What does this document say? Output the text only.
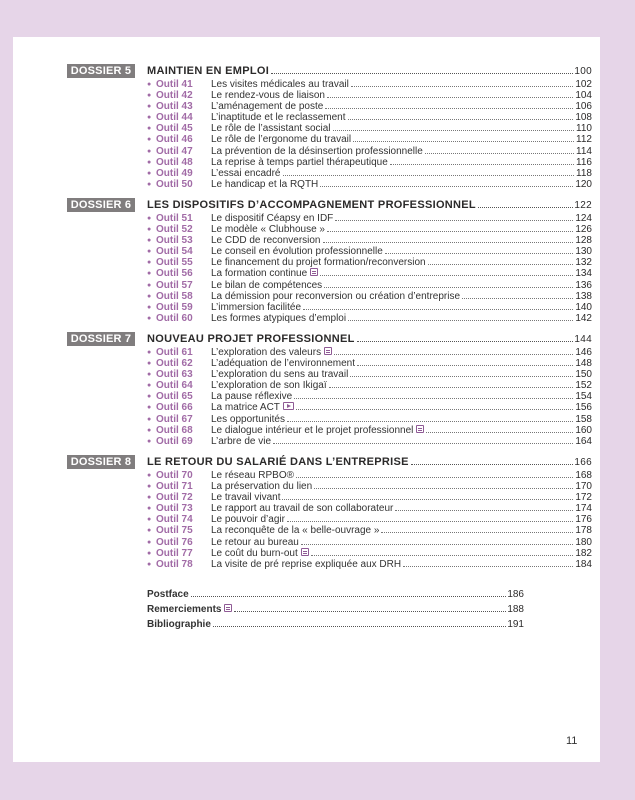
DOSSIER 5	MAINTIEN EN EMPLOI	100
● Outil 41 Les visites médicales au travail	102
● Outil 42 Le rendez-vous de liaison	104
● Outil 43 L’aménagement de poste	106
● Outil 44 L’inaptitude et le reclassement	108
● Outil 45 Le rôle de l’assistant social	110
● Outil 46 Le rôle de l’ergonome du travail	112
● Outil 47 La prévention de la désinsertion professionnelle	114
● Outil 48 La reprise à temps partiel thérapeutique	116
● Outil 49 L’essai encadré	118
● Outil 50 Le handicap et la RQTH	120
DOSSIER 6	LES DISPOSITIFS D’ACCOMPAGNEMENT PROFESSIONNEL	122
● Outil 51 Le dispositif Céapsy en IDF	124
● Outil 52 Le modèle « Clubhouse »	126
● Outil 53 Le CDD de reconversion	128
● Outil 54 Le conseil en évolution professionnelle	130
● Outil 55 Le financement du projet formation/reconversion	132
● Outil 56 La formation continue	134
● Outil 57 Le bilan de compétences	136
● Outil 58 La démission pour reconversion ou création d’entreprise	138
● Outil 59 L’immersion facilitée	140
● Outil 60 Les formes atypiques d’emploi	142
DOSSIER 7	NOUVEAU PROJET PROFESSIONNEL	144
● Outil 61 L’exploration des valeurs	146
● Outil 62 L’adéquation de l’environnement	148
● Outil 63 L’exploration du sens au travail	150
● Outil 64 L’exploration de son Ikigaï	152
● Outil 65 La pause réflexive	154
● Outil 66 La matrice ACT	156
● Outil 67 Les opportunités	158
● Outil 68 Le dialogue intérieur et le projet professionnel	160
● Outil 69 L’arbre de vie	164
DOSSIER 8	LE RETOUR DU SALARIÉ DANS L’ENTREPRISE	166
● Outil 70 Le réseau RPBO®	168
● Outil 71 La préservation du lien	170
● Outil 72 Le travail vivant	172
● Outil 73 Le rapport au travail de son collaborateur	174
● Outil 74 Le pouvoir d’agir	176
● Outil 75 La reconquête de la « belle-ouvrage »	178
● Outil 76 Le retour au bureau	180
● Outil 77 Le coût du burn-out	182
● Outil 78 La visite de pré reprise expliquée aux DRH	184
Postface	186
Remerciements	188
Bibliographie	191
11
